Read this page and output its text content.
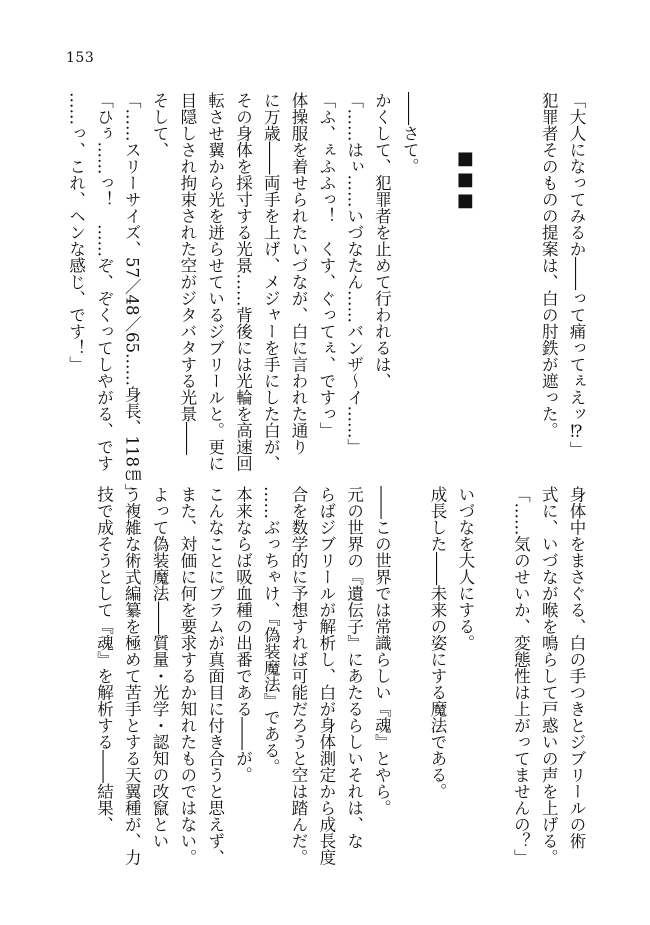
153
「大人になってみるか――って痛ってぇえッ⁉」
犯罪者そのものの提案は、白の肘鉄が遮った。
■■■
――さて。
かくして、犯罪者を止めて行われるは、
「……はぃ……いづなたん……バンザ〜イ……」
「ふ、ぇふふっ！　くす、ぐってぇ、ですっ」
体操服を着せられたいづなが、白に言われた通り
に万歳――両手を上げ、メジャーを手にした白が、
その身体を採寸する光景……背後には光輪を高速回
転させ翼から光を迸らせているジブリールと。更に
目隠しされ拘束された空がジタバタする光景――
そして、
「……スリーサイズ、57／48／65……身長、118㎝」
「ひぅ……っ！　……ぞ、ぞくってしやがる、です
……っ、これ、ヘンな感じ、です！」
身体中をまさぐる、白の手つきとジブリールの術
式に、いづなが喉を鳴らして戸惑いの声を上げる。
「……気のせいか、変態性は上がってませんの？」
いづなを大人にする。
成長した――未来の姿にする魔法である。
――この世界では常識らしい『魂』とやら。
元の世界の『遺伝子』にあたるらしいそれは、な
らばジブリールが解析し、白が身体測定から成長度
合を数学的に予想すれば可能だろうと空は踏んだ。
……ぶっちゃけ、『偽装魔法』である。
本来ならば吸血種の出番である――が。
こんなことにプラムが真面目に付き合うと思えず、
また、対価に何を要求するか知れたものではない。
よって偽装魔法――質量・光学・認知の改竄とい
う複雑な術式編纂を極めて苦手とする天翼種が、力
技で成そうとして『魂』を解析する――結果、
